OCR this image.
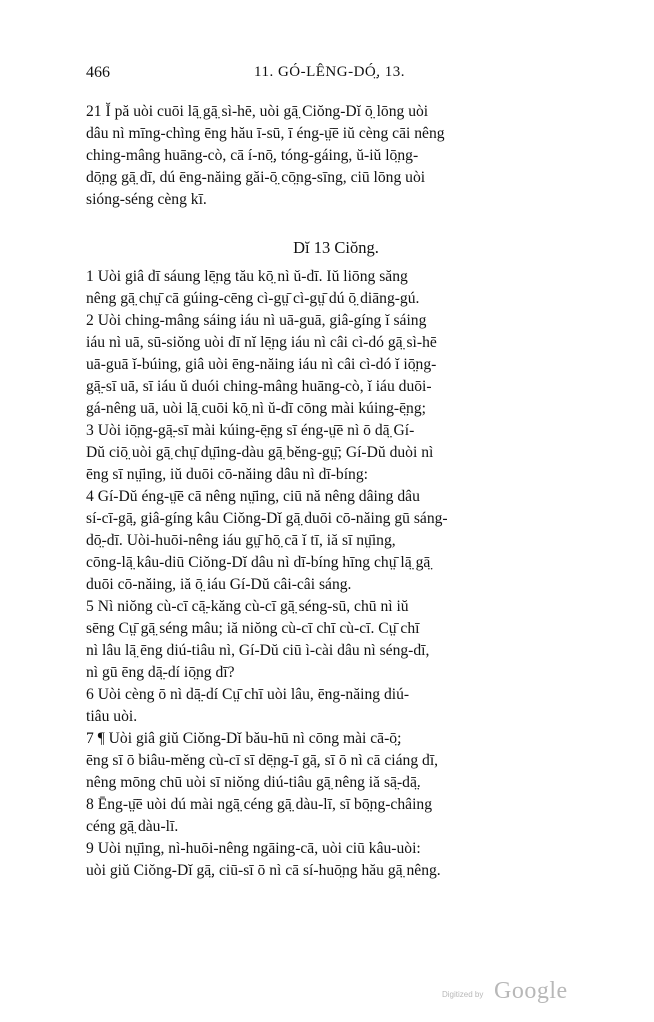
466	11. GÓ-LÊNG-DÓ̤, 13.
21 Ĭ pă uòi cuōi lā̤ gā̤ sì-hē, uòi gā̤ Ciŏng-Dĭ ō̤ lōng uòi
dâu nì mīng-chìng ēng hău ī-sū, ī éng-ṳ̄ē iŭ cèng cāi nêng
ching-mâng huāng-cò, cā í-nō̤, tóng-gáing, ŭ-iŭ lō̤ng-
dō̤ng gā̤ dī, dú ēng-năing găi-ō̤ cō̤ng-sīng, ciū lōng uòi
sióng-séng cèng kī.
Dĭ 13 Ciŏng.
1 Uòi giâ dī sáung lē̤ng tău kō̤ nì ŭ-dī. Iŭ liōng săng
nêng gā̤ chṳ̄ cā gúing-cēng cì-gṳ̄ cì-gṳ̄ dú ō̤ diāng-gú.
2 Uòi ching-mâng sáing iáu nì uā-guā, giâ-gíng ĭ sáing
iáu nì uā, sū-siŏng uòi dī nĭ lē̤ng iáu nì câi cì-dó gā̤ sì-hē
uā-guā ĭ-búing, giâ uòi ēng-năing iáu nì câi cì-dó ĭ iō̤ng-
gā̤-sī uā, sī iáu ŭ duói ching-mâng huāng-cò, ĭ iáu duōi-
gá-nêng uā, uòi lā̤ cuōi kō̤ nì ŭ-dī cōng mài kúing-ē̤ng;
3 Uòi iō̤ng-gā̤-sī mài kúing-ē̤ng sī éng-ṳ̄ē nì ō dā̤ Gí-
Dŭ ciō̤ uòi gā̤ chṳ̄ dṳ̄ing-dàu gā̤ bĕng-gṳ̄; Gí-Dŭ duòi nì
ēng sī nṳ̄ing, iŭ duōi cō-năing dâu nì dī-bíng:
4 Gí-Dŭ éng-ṳ̄ē cā nêng nṳ̄ing, ciū nă nêng dâing dâu
sí-cī-gā̤, giâ-gíng kâu Ciŏng-Dĭ gā̤ duōi cō-năing gū sáng-
dō̤-dī. Uòi-huōi-nêng iáu gṳ̄ hō̤ cā ĭ tī, iă sī nṳ̄ing,
cōng-lā̤ kâu-diū Ciŏng-Dĭ dâu nì dī-bíng hīng chṳ̄ lā̤ gā̤
duōi cō-năing, iă ō̤ iáu Gí-Dŭ câi-câi sáng.
5 Nì niŏng cù-cī cā̤-kăng cù-cī gā̤ séng-sū, chū nì iŭ
sēng Cṳ̄ gā̤ séng mâu; iă niŏng cù-cī chī cù-cī. Cṳ̄ chī
nì lâu lā̤ ēng diú-tiâu nì, Gí-Dŭ ciū ì-cài dâu nì séng-dī,
nì gū ēng dā̤-dí iō̤ng dī?
6 Uòi cèng ō nì dā̤-dí Cṳ̄ chī uòi lâu, ēng-năing diú-
tiâu uòi.
7 ¶ Uòi giâ giŭ Ciŏng-Dĭ bău-hū nì cōng mài cā-ō̤;
ēng sī ō biâu-mĕng cù-cī sī dē̤ng-ī gā̤, sī ō nì cā ciáng dī,
nêng mōng chū uòi sī niŏng diú-tiâu gā̤ nêng iă sā̤-dā̤.
8 Ēng-ṳ̄ē uòi dú mài ngā̤ céng gā̤ dàu-lī, sī bō̤ng-châing
céng gā̤ dàu-lī.
9 Uòi nṳ̄ing, nì-huōi-nêng ngāing-cā, uòi ciū kâu-uòi:
uòi giŭ Ciŏng-Dĭ gā̤, ciū-sī ō nì cā sí-huō̤ng hău gā̤ nêng.
Digitized by Google
